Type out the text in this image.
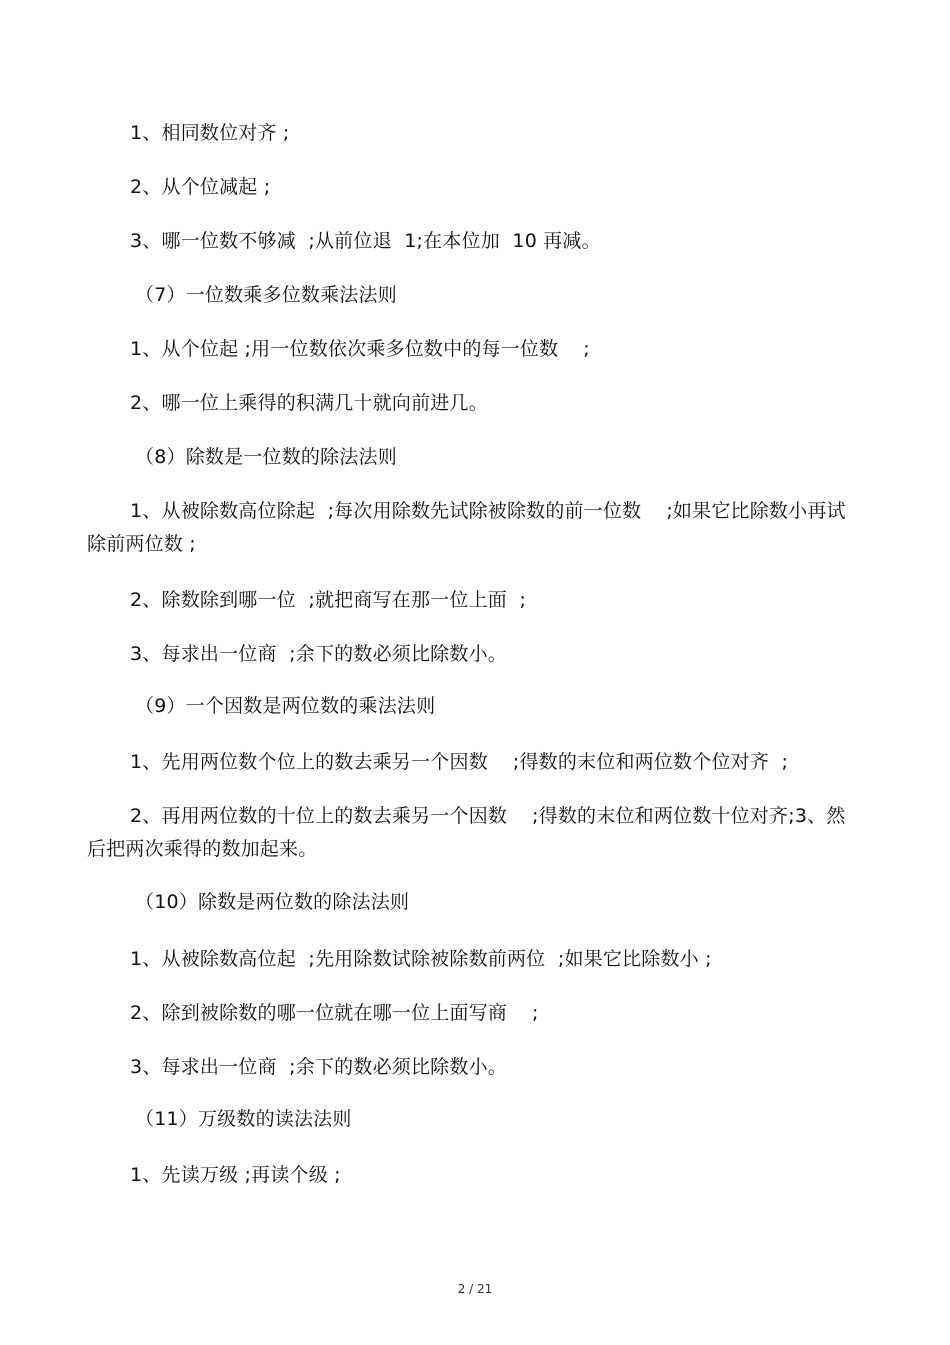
1、相同数位对齐 ;
2、从个位减起 ;
3、哪一位数不够减  ;从前位退  1;在本位加  10 再减。
（7）一位数乘多位数乘法法则
1、从个位起 ;用一位数依次乘多位数中的每一位数    ;
2、哪一位上乘得的积满几十就向前进几。
（8）除数是一位数的除法法则
1、从被除数高位除起  ;每次用除数先试除被除数的前一位数    ;如果它比除数小再试除前两位数 ;
2、除数除到哪一位  ;就把商写在那一位上面  ;
3、每求出一位商  ;余下的数必须比除数小。
（9）一个因数是两位数的乘法法则
1、先用两位数个位上的数去乘另一个因数    ;得数的末位和两位数个位对齐  ;
2、再用两位数的十位上的数去乘另一个因数    ;得数的末位和两位数十位对齐;3、然后把两次乘得的数加起来。
（10）除数是两位数的除法法则
1、从被除数高位起  ;先用除数试除被除数前两位  ;如果它比除数小 ;
2、除到被除数的哪一位就在哪一位上面写商    ;
3、每求出一位商  ;余下的数必须比除数小。
（11）万级数的读法法则
1、先读万级 ;再读个级 ;
2 / 21
